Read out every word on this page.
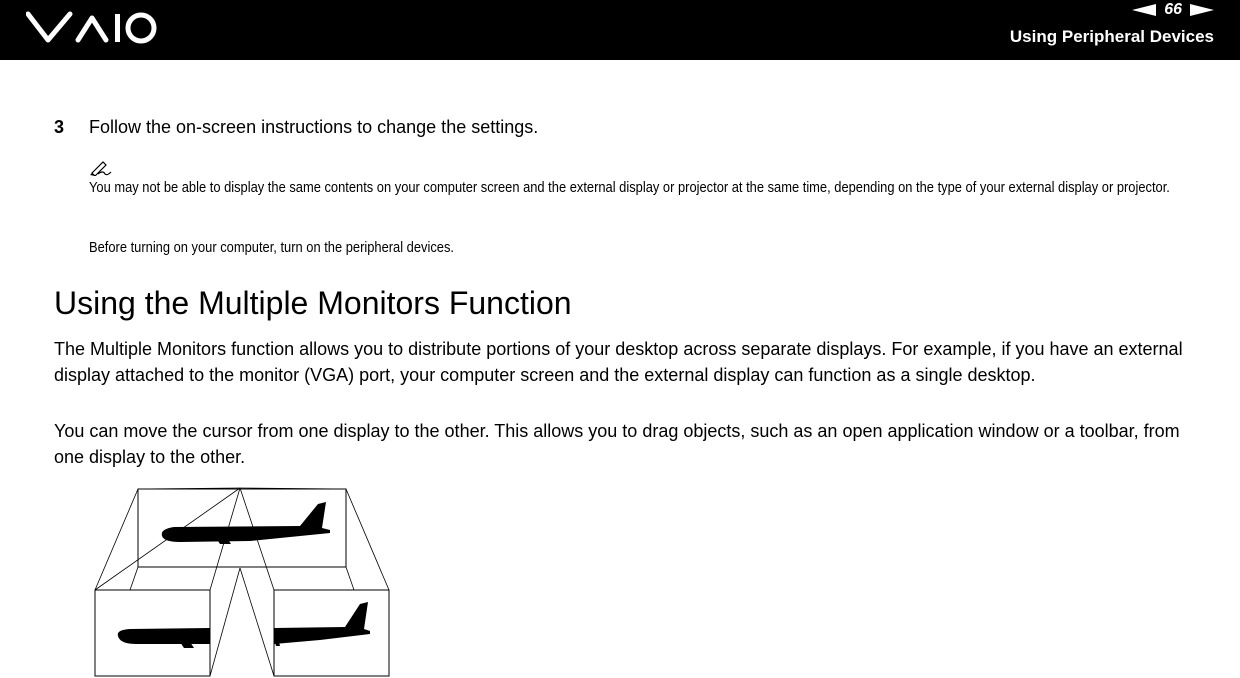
66
Using Peripheral Devices
3 Follow the on-screen instructions to change the settings.
You may not be able to display the same contents on your computer screen and the external display or projector at the same time, depending on the type of your external display or projector.
Before turning on your computer, turn on the peripheral devices.
Using the Multiple Monitors Function
The Multiple Monitors function allows you to distribute portions of your desktop across separate displays. For example, if you have an external display attached to the monitor (VGA) port, your computer screen and the external display can function as a single desktop.
You can move the cursor from one display to the other. This allows you to drag objects, such as an open application window or a toolbar, from one display to the other.
